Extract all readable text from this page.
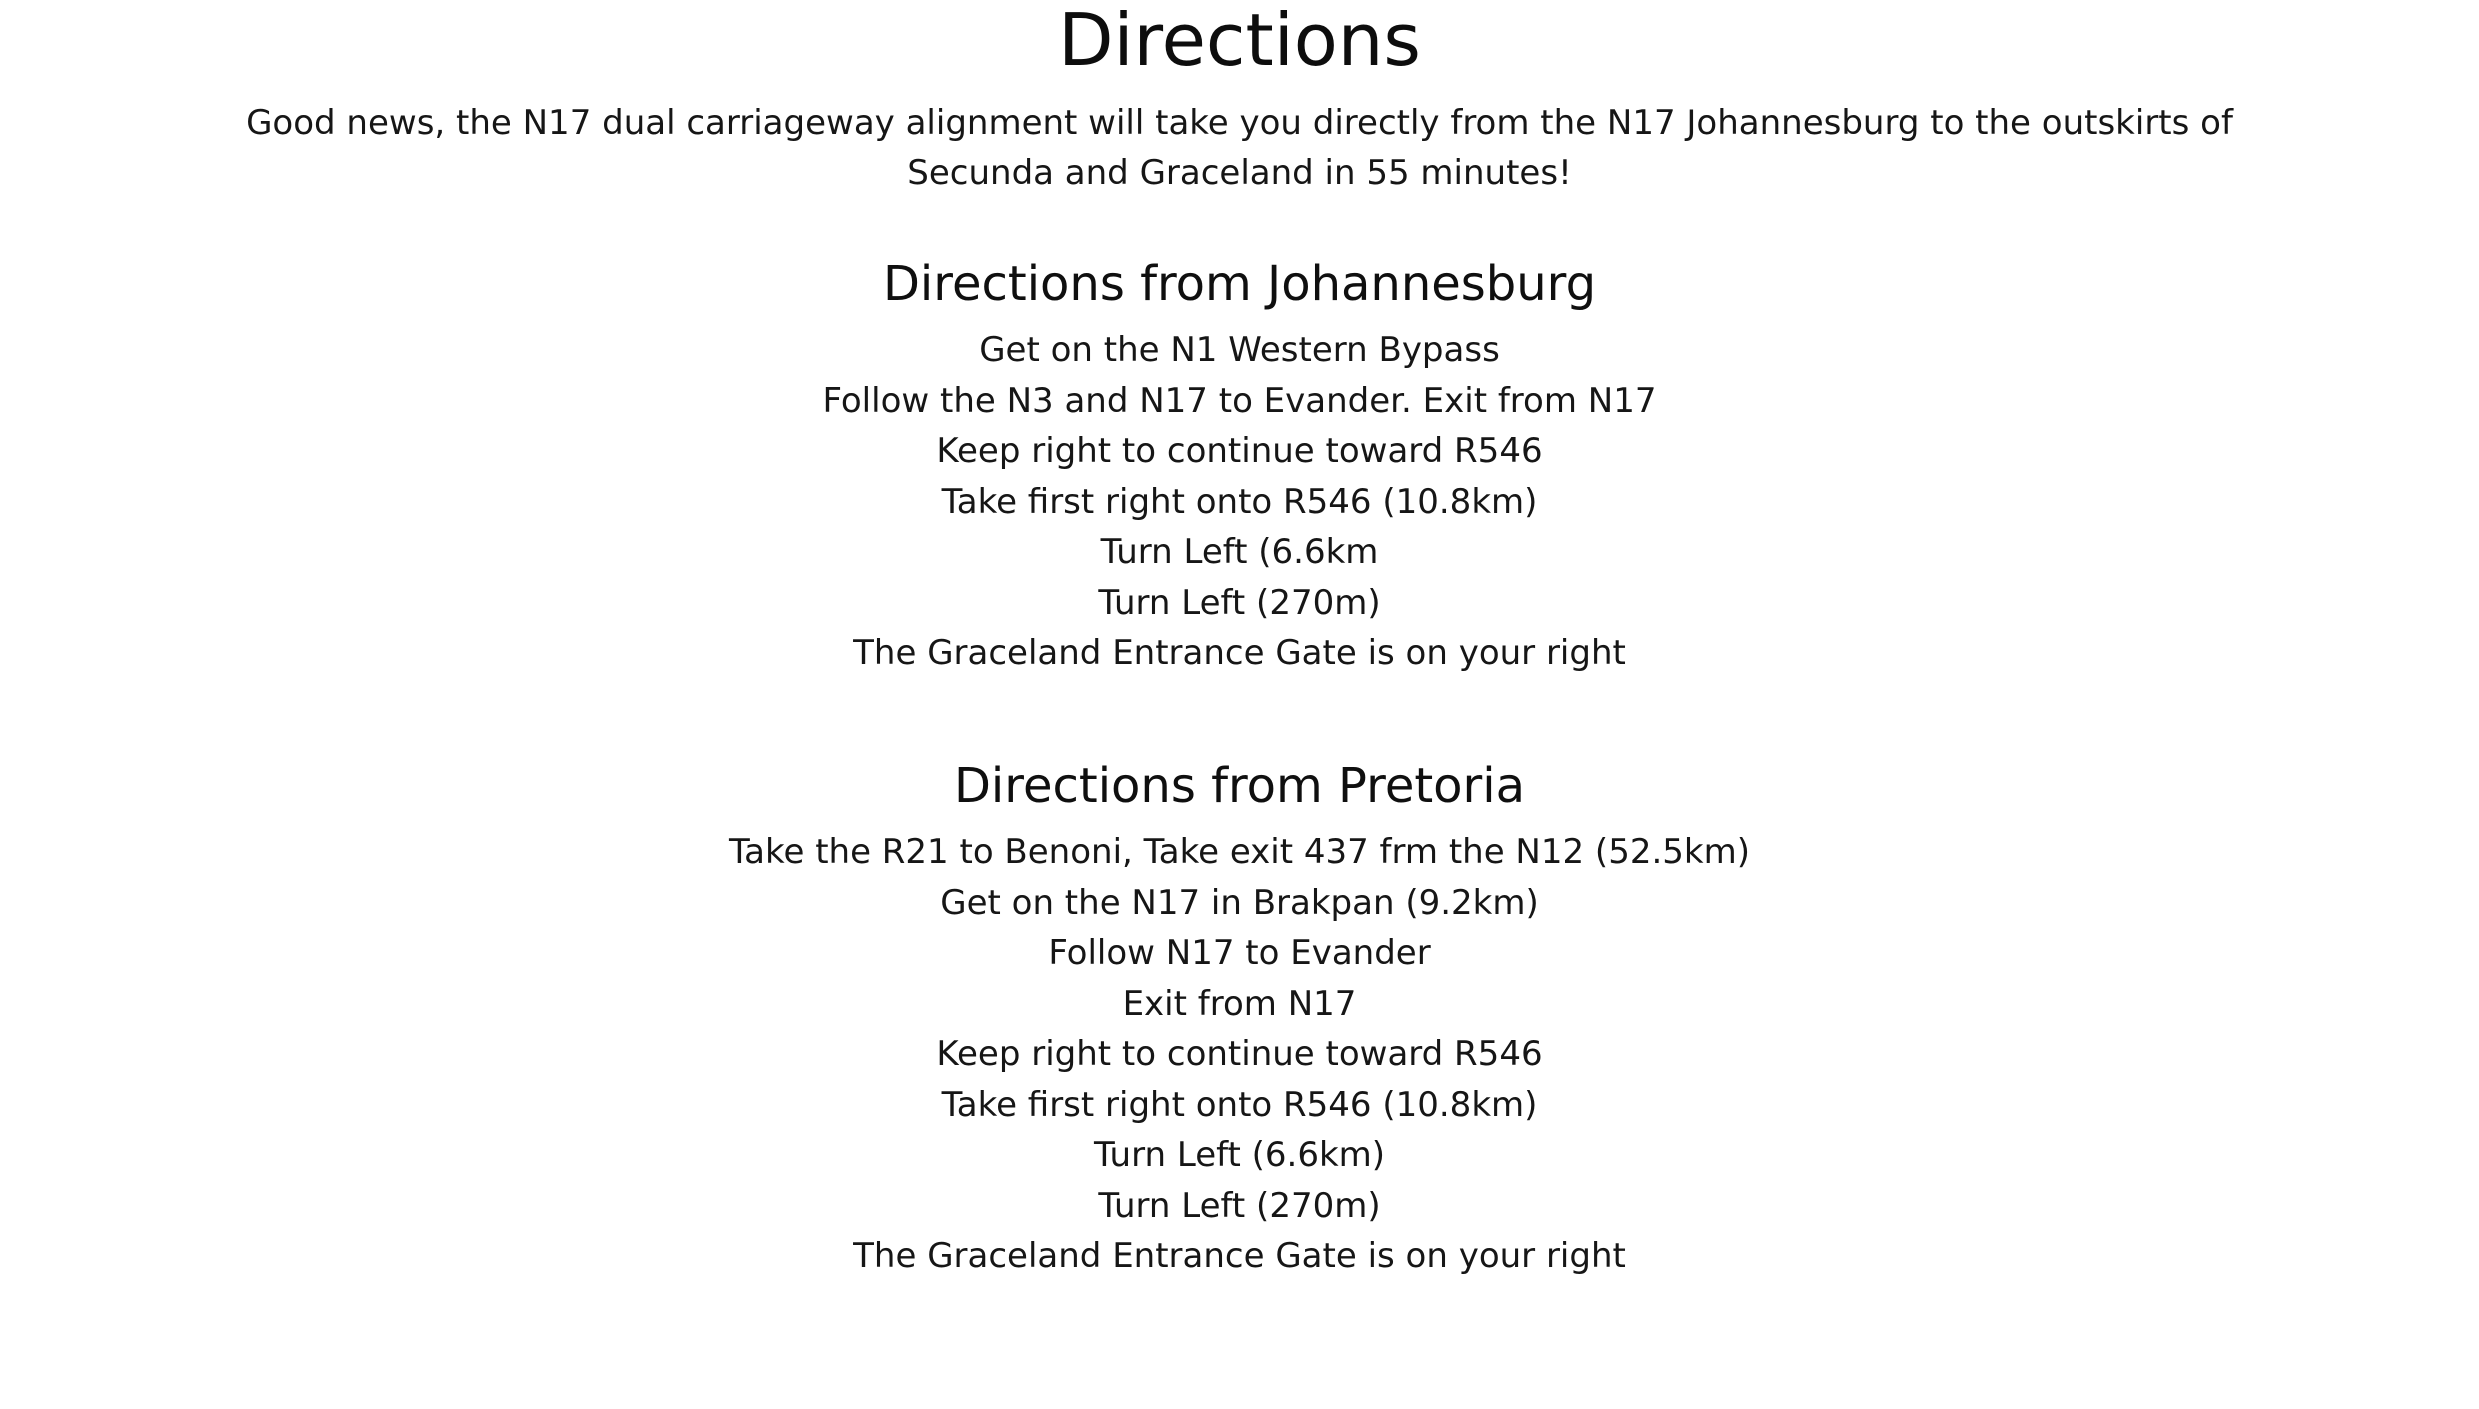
Directions

Good news, the N17 dual carriageway alignment will take you directly from the N17 Johannesburg to the outskirts of Secunda and Graceland in 55 minutes!

Directions from Johannesburg
Get on the N1 Western Bypass
Follow the N3 and N17 to Evander. Exit from N17
Keep right to continue toward R546
Take first right onto R546 (10.8km)
Turn Left (6.6km
Turn Left (270m)
The Graceland Entrance Gate is on your right
Directions from Pretoria
Take the R21 to Benoni, Take exit 437 frm the N12 (52.5km)
Get on the N17 in Brakpan (9.2km)
Follow N17 to Evander
Exit from N17
Keep right to continue toward R546
Take first right onto R546 (10.8km)
Turn Left (6.6km)
Turn Left (270m)
The Graceland Entrance Gate is on your right
